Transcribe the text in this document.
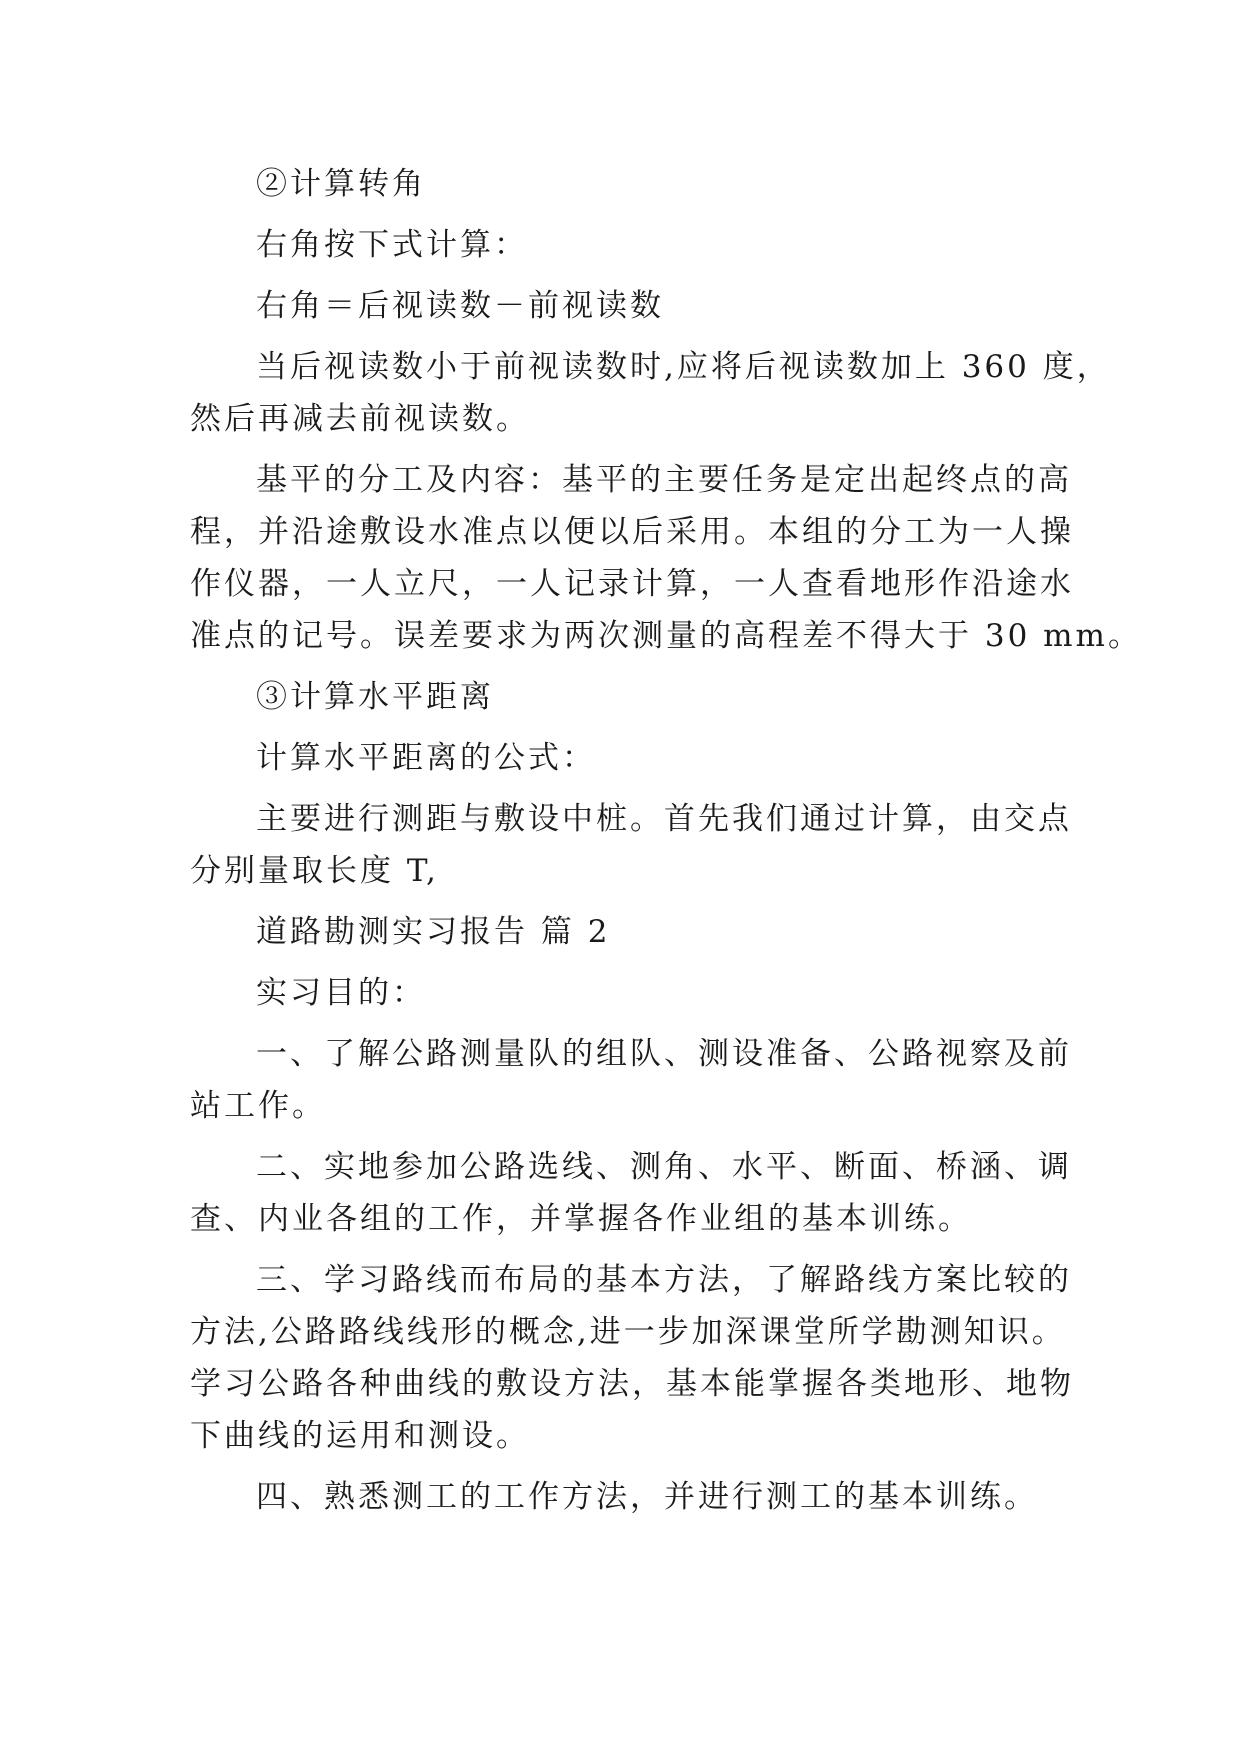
②计算转角
右角按下式计算：
右角＝后视读数－前视读数
当后视读数小于前视读数时,应将后视读数加上 360 度，
然后再减去前视读数。
基平的分工及内容：基平的主要任务是定出起终点的高
程，并沿途敷设水准点以便以后采用。本组的分工为一人操
作仪器，一人立尺，一人记录计算，一人查看地形作沿途水
准点的记号。误差要求为两次测量的高程差不得大于 30 mm。
③计算水平距离
计算水平距离的公式：
主要进行测距与敷设中桩。首先我们通过计算，由交点
分别量取长度 T,
道路勘测实习报告 篇 2
实习目的：
一、了解公路测量队的组队、测设准备、公路视察及前
站工作。
二、实地参加公路选线、测角、水平、断面、桥涵、调
查、内业各组的工作，并掌握各作业组的基本训练。
三、学习路线而布局的基本方法，了解路线方案比较的
方法,公路路线线形的概念,进一步加深课堂所学勘测知识。
学习公路各种曲线的敷设方法，基本能掌握各类地形、地物
下曲线的运用和测设。
四、熟悉测工的工作方法，并进行测工的基本训练。
